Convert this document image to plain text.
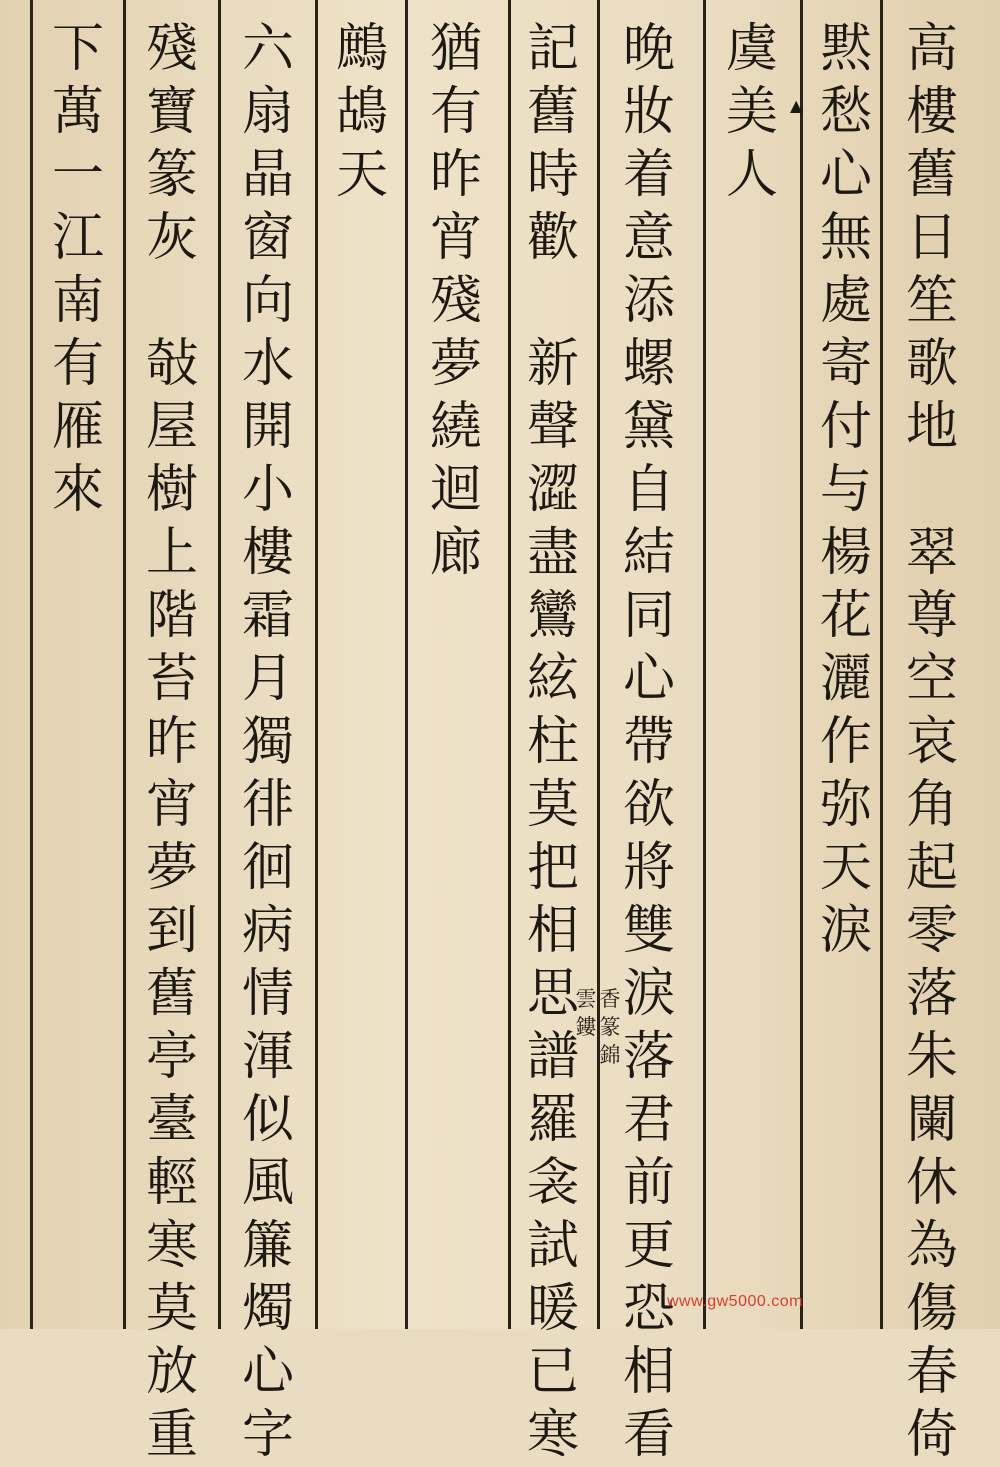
高
樓
舊
日
笙
歌
地
翠
尊
空
哀
角
起
零
落
朱
闌
休
為
傷
春
倚
黙
愁
心
無
處
寄
付
与
楊
花
灑
作
弥
天
淚
虞
美
人
晚
妝
着
意
添
螺
黛
自
結
同
心
帶
欲
將
雙
淚
落
君
前
更
恐
相
看
記
舊
時
歡
新
聲
澀
盡
鸞
絃
柱
莫
把
相
思
譜
羅
衾
試
暖
已
寒
猶
有
昨
宵
殘
夢
繞
迴
廊
鷓
鴣
天
六
扇
晶
窗
向
水
開
小
樓
霜
月
獨
徘
徊
病
情
渾
似
風
簾
燭
心
字
殘
寶
篆
灰
敧
屋
樹
上
階
苔
昨
宵
夢
到
舊
亭
臺
輕
寒
莫
放
重
下
萬
一
江
南
有
雁
來
雲
鏤
香
篆
錦
▲
www.gw5000.com
